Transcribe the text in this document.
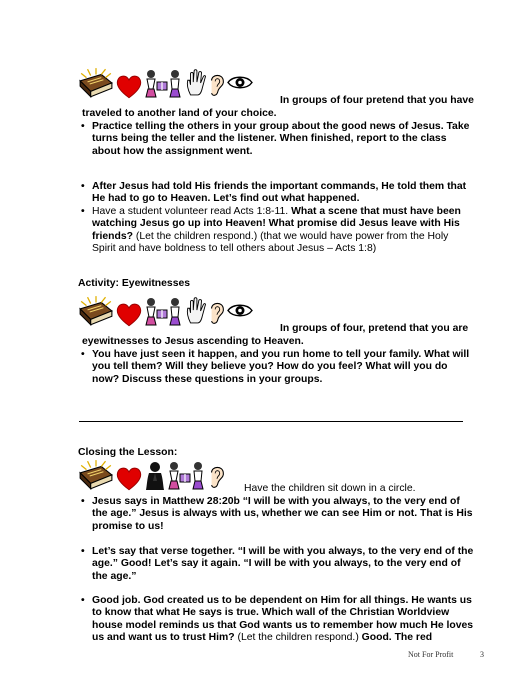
In groups of four pretend that you have
traveled to another land of your choice.
• Practice telling the others in your group about the good news of Jesus. Take turns being the teller and the listener. When finished, report to the class about how the assignment went.
• After Jesus had told His friends the important commands, He told them that He had to go to Heaven. Let’s find out what happened.
• Have a student volunteer read Acts 1:8-11. What a scene that must have been watching Jesus go up into Heaven! What promise did Jesus leave with His friends? (Let the children respond.) (that we would have power from the Holy Spirit and have boldness to tell others about Jesus – Acts 1:8)
Activity: Eyewitnesses
In groups of four, pretend that you are
eyewitnesses to Jesus ascending to Heaven.
• You have just seen it happen, and you run home to tell your family. What will you tell them? Will they believe you? How do you feel? What will you do now? Discuss these questions in your groups.
Closing the Lesson:
Have the children sit down in a circle.
• Jesus says in Matthew 28:20b “I will be with you always, to the very end of the age.” Jesus is always with us, whether we can see Him or not. That is His promise to us!
• Let’s say that verse together. “I will be with you always, to the very end of the age.” Good! Let’s say it again. “I will be with you always, to the very end of the age.”
• Good job. God created us to be dependent on Him for all things. He wants us to know that what He says is true. Which wall of the Christian Worldview house model reminds us that God wants us to remember how much He loves us and want us to trust Him? (Let the children respond.) Good. The red
Not For Profit	3
